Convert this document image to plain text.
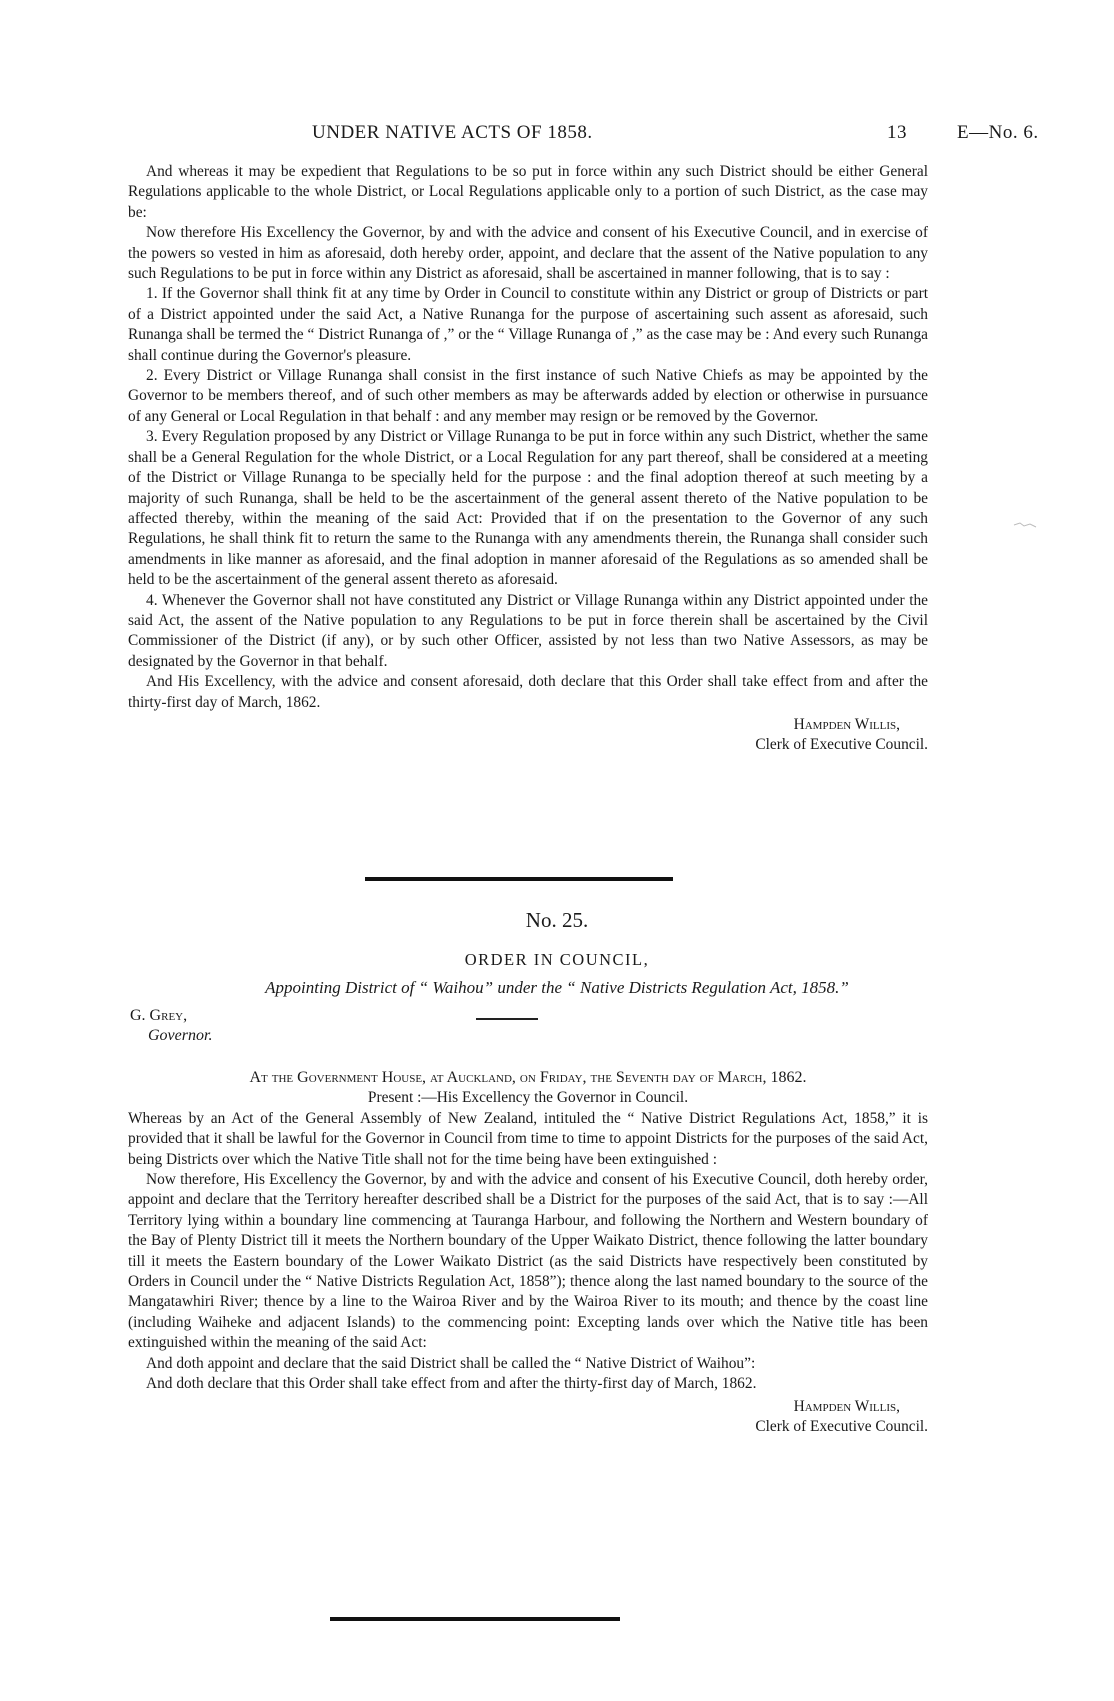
UNDER NATIVE ACTS OF 1858.	13	E—No. 6.

And whereas it may be expedient that Regulations to be so put in force within any such District should be either General Regulations applicable to the whole District, or Local Regulations applicable only to a portion of such District, as the case may be:

Now therefore His Excellency the Governor, by and with the advice and consent of his Executive Council, and in exercise of the powers so vested in him as aforesaid, doth hereby order, appoint, and declare that the assent of the Native population to any such Regulations to be put in force within any District as aforesaid, shall be ascertained in manner following, that is to say :

1. If the Governor shall think fit at any time by Order in Council to constitute within any District or group of Districts or part of a District appointed under the said Act, a Native Runanga for the purpose of ascertaining such assent as aforesaid, such Runanga shall be termed the “ District Runanga of ,” or the “ Village Runanga of ,” as the case may be : And every such Runanga shall continue during the Governor's pleasure.

2. Every District or Village Runanga shall consist in the first instance of such Native Chiefs as may be appointed by the Governor to be members thereof, and of such other members as may be afterwards added by election or otherwise in pursuance of any General or Local Regulation in that behalf : and any member may resign or be removed by the Governor.

3. Every Regulation proposed by any District or Village Runanga to be put in force within any such District, whether the same shall be a General Regulation for the whole District, or a Local Regulation for any part thereof, shall be considered at a meeting of the District or Village Runanga to be specially held for the purpose : and the final adoption thereof at such meeting by a majority of such Runanga, shall be held to be the ascertainment of the general assent thereto of the Native population to be affected thereby, within the meaning of the said Act: Provided that if on the presentation to the Governor of any such Regulations, he shall think fit to return the same to the Runanga with any amendments therein, the Runanga shall consider such amendments in like manner as aforesaid, and the final adoption in manner aforesaid of the Regulations as so amended shall be held to be the ascertainment of the general assent thereto as aforesaid.

4. Whenever the Governor shall not have constituted any District or Village Runanga within any District appointed under the said Act, the assent of the Native population to any Regulations to be put in force therein shall be ascertained by the Civil Commissioner of the District (if any), or by such other Officer, assisted by not less than two Native Assessors, as may be designated by the Governor in that behalf.

And His Excellency, with the advice and consent aforesaid, doth declare that this Order shall take effect from and after the thirty-first day of March, 1862.

Hampden Willis,
Clerk of Executive Council.
No. 25.
ORDER IN COUNCIL,
Appointing District of “ Waihou” under the “ Native Districts Regulation Act, 1858.”
G. Grey,
Governor.

At the Government House, at Auckland, on Friday, the Seventh day of March, 1862.

Present :—His Excellency the Governor in Council.

Whereas by an Act of the General Assembly of New Zealand, intituled the “ Native District Regulations Act, 1858,” it is provided that it shall be lawful for the Governor in Council from time to time to appoint Districts for the purposes of the said Act, being Districts over which the Native Title shall not for the time being have been extinguished :

Now therefore, His Excellency the Governor, by and with the advice and consent of his Executive Council, doth hereby order, appoint and declare that the Territory hereafter described shall be a District for the purposes of the said Act, that is to say :—All Territory lying within a boundary line commencing at Tauranga Harbour, and following the Northern and Western boundary of the Bay of Plenty District till it meets the Northern boundary of the Upper Waikato District, thence following the latter boundary till it meets the Eastern boundary of the Lower Waikato District (as the said Districts have respectively been constituted by Orders in Council under the “ Native Districts Regulation Act, 1858”); thence along the last named boundary to the source of the Mangatawhiri River; thence by a line to the Wairoa River and by the Wairoa River to its mouth; and thence by the coast line (including Waiheke and adjacent Islands) to the commencing point: Excepting lands over which the Native title has been extinguished within the meaning of the said Act:

And doth appoint and declare that the said District shall be called the “ Native District of Waihou”:

And doth declare that this Order shall take effect from and after the thirty-first day of March, 1862.

Hampden Willis,
Clerk of Executive Council.
